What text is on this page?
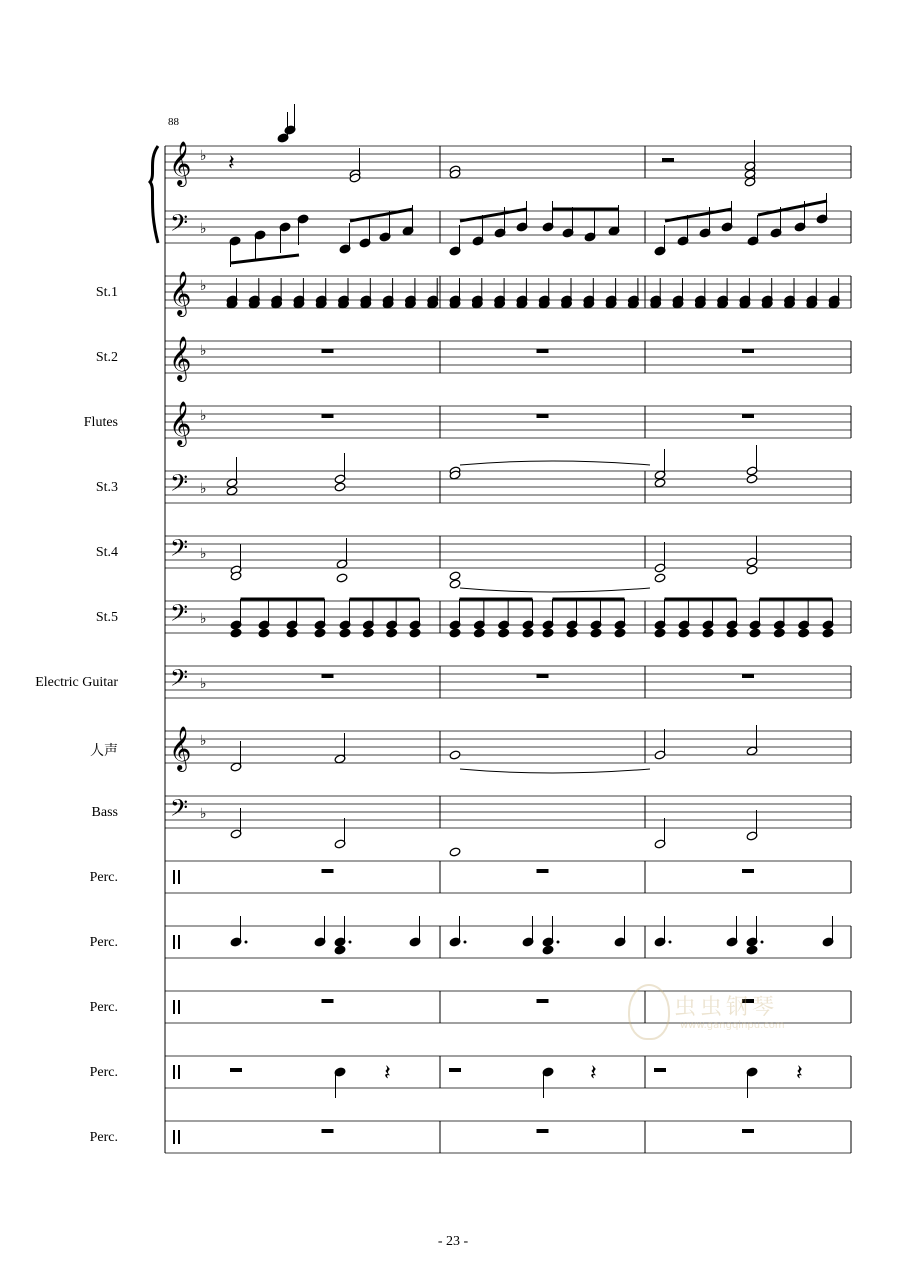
𝄞 ♭
𝄢 ♭
𝄞 ♭
𝄞 ♭
𝄞 ♭
𝄢 ♭
𝄢 ♭
𝄢 ♭
𝄢 ♭
𝄞 ♭
𝄢 ♭
𝄽
𝄽	𝄽	𝄽
88
St.1
St.2
Flutes
St.3
St.4
St.5
Electric Guitar
人声
Bass
Perc.
Perc.
Perc.
Perc.
Perc.
- 23 -
虫虫钢琴
www.gangqinpu.com
